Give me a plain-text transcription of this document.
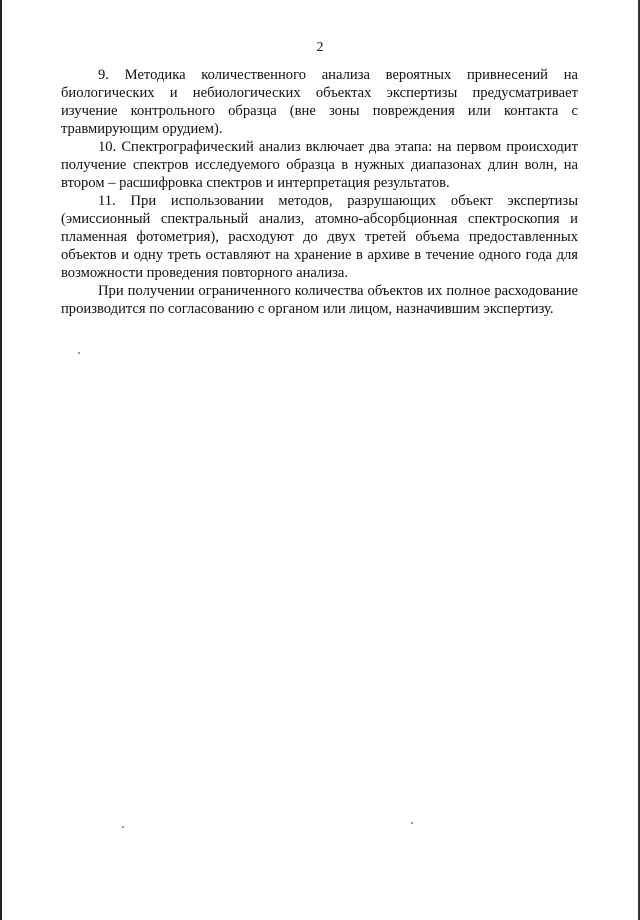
2

9. Методика количественного анализа вероятных привнесений на биологических и небиологических объектах экспертизы предусматривает изучение контрольного образца (вне зоны повреждения или контакта с травмирующим орудием).

10. Спектрографический анализ включает два этапа: на первом происходит получение спектров исследуемого образца в нужных диапазонах длин волн, на втором – расшифровка спектров и интерпретация результатов.

11. При использовании методов, разрушающих объект экспертизы (эмиссионный спектральный анализ, атомно-абсорбционная спектроскопия и пламенная фотометрия), расходуют до двух третей объема предоставленных объектов и одну треть оставляют на хранение в архиве в течение одного года для возможности проведения повторного анализа.

При получении ограниченного количества объектов их полное расходование производится по согласованию с органом или лицом, назначившим экспертизу.
